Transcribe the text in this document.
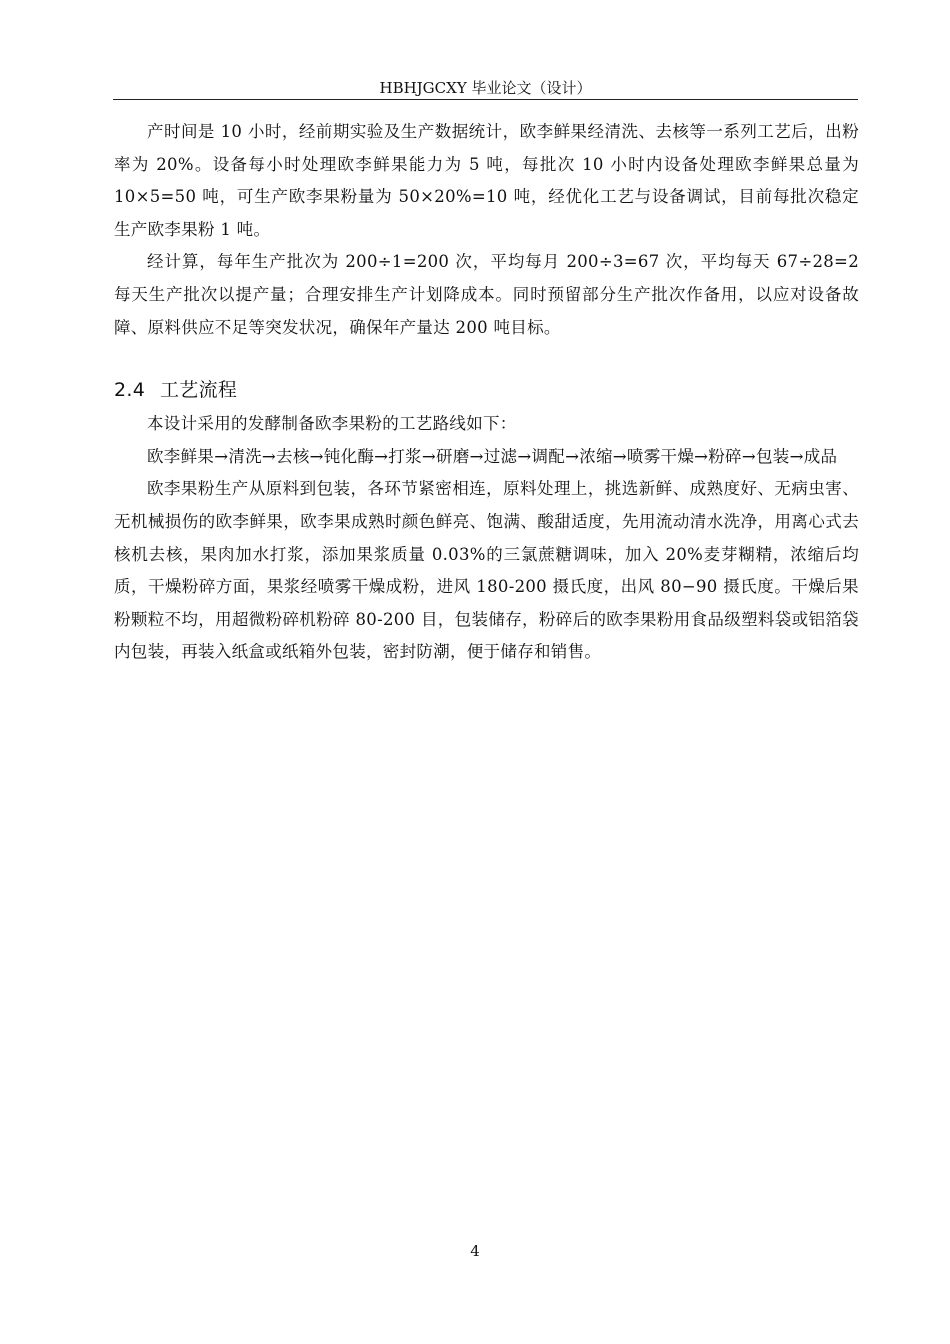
HBHJGCXY 毕业论文（设计）

产时间是 10 小时，经前期实验及生产数据统计，欧李鲜果经清洗、去核等一系列工艺后，出粉率为 20%。设备每小时处理欧李鲜果能力为 5 吨，每批次 10 小时内设备处理欧李鲜果总量为 10×5=50 吨，可生产欧李果粉量为 50×20%=10 吨，经优化工艺与设备调试，目前每批次稳定生产欧李果粉 1 吨。

经计算，每年生产批次为 200÷1=200 次，平均每月 200÷3=67 次，平均每天 67÷28=2 每天生产批次以提产量；合理安排生产计划降成本。同时预留部分生产批次作备用，以应对设备故障、原料供应不足等突发状况，确保年产量达 200 吨目标。

2.4 工艺流程

本设计采用的发酵制备欧李果粉的工艺路线如下：

欧李鲜果→清洗→去核→钝化酶→打浆→研磨→过滤→调配→浓缩→喷雾干燥→粉碎→包装→成品

欧李果粉生产从原料到包装，各环节紧密相连，原料处理上，挑选新鲜、成熟度好、无病虫害、无机械损伤的欧李鲜果，欧李果成熟时颜色鲜亮、饱满、酸甜适度，先用流动清水洗净，用离心式去核机去核，果肉加水打浆，添加果浆质量 0.03%的三氯蔗糖调味，加入 20%麦芽糊精，浓缩后均质，干燥粉碎方面，果浆经喷雾干燥成粉，进风 180-200 摄氏度，出风 80−90 摄氏度。干燥后果粉颗粒不均，用超微粉碎机粉碎 80-200 目，包装储存，粉碎后的欧李果粉用食品级塑料袋或铝箔袋内包装，再装入纸盒或纸箱外包装，密封防潮，便于储存和销售。

4
